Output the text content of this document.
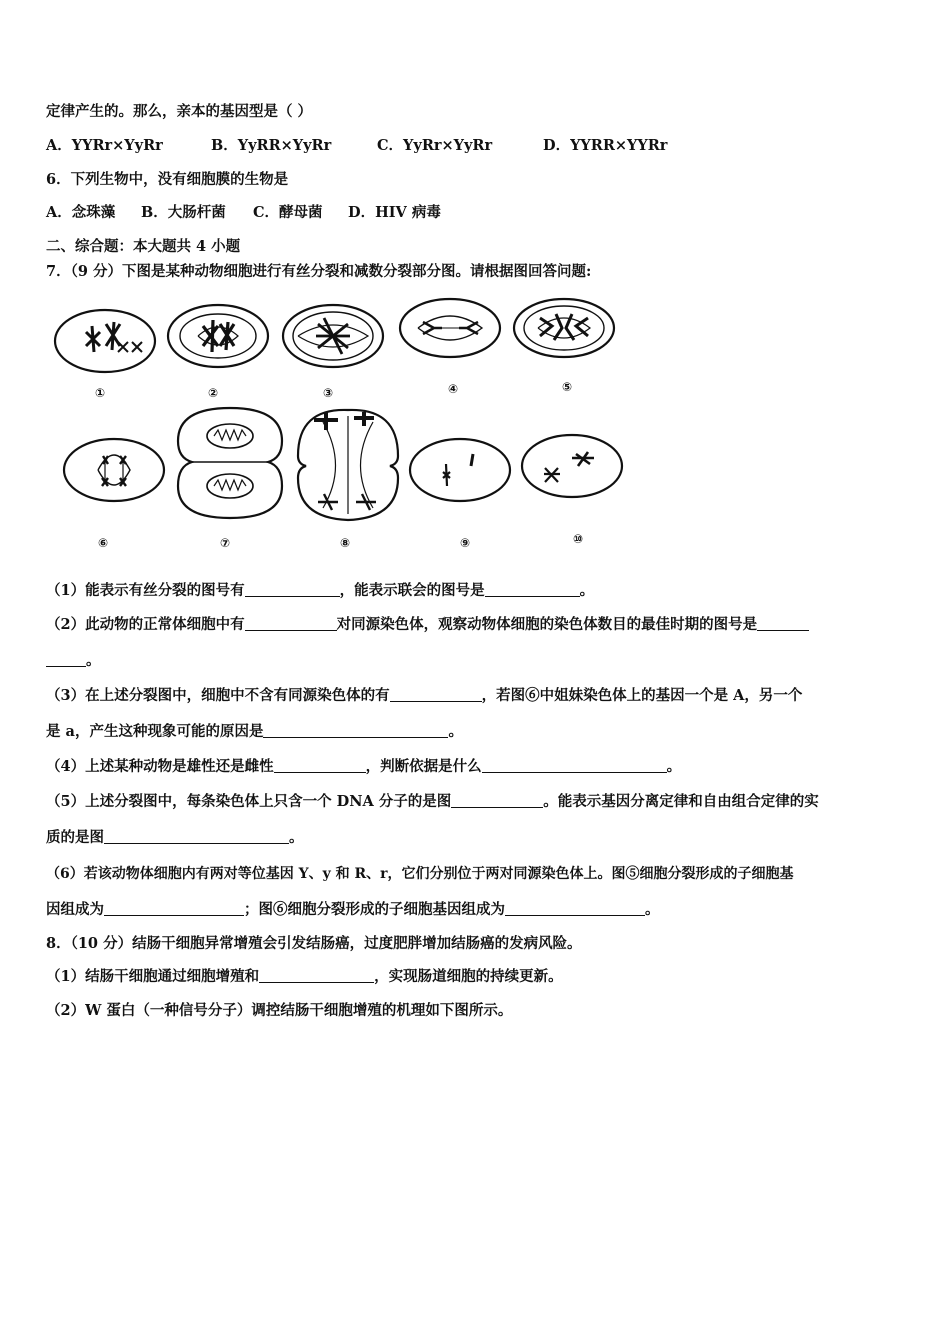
定律产生的。那么，亲本的基因型是（ ）
A．YYRr×YyRr	B．YyRR×YyRr	C．YyRr×YyRr	D．YYRR×YYRr
6．下列生物中，没有细胞膜的生物是
A．念珠藻 B．大肠杆菌 C．酵母菌 D．HIV 病毒
二、综合题：本大题共 4 小题
7．（9 分）下图是某种动物细胞进行有丝分裂和减数分裂部分图。请根据图回答问题:
①	②	③	④	⑤
⑥	⑦	⑧	⑨	⑩
（1）能表示有丝分裂的图号有	，能表示联会的图号是	。
（2）此动物的正常体细胞中有	对同源染色体，观察动物体细胞的染色体数目的最佳时期的图号是
。
（3）在上述分裂图中，细胞中不含有同源染色体的有	，若图⑥中姐妹染色体上的基因一个是 A，另一个
是 a，产生这种现象可能的原因是	。
（4）上述某种动物是雄性还是雌性	，判断依据是什么	。
（5）上述分裂图中，每条染色体上只含一个 DNA 分子的是图	。能表示基因分离定律和自由组合定律的实
质的是图	。
（6）若该动物体细胞内有两对等位基因 Y、y 和 R、r，它们分别位于两对同源染色体上。图⑤细胞分裂形成的子细胞基
因组成为	；图⑥细胞分裂形成的子细胞基因组成为	。
8．（10 分）结肠干细胞异常增殖会引发结肠癌，过度肥胖增加结肠癌的发病风险。
（1）结肠干细胞通过细胞增殖和	，实现肠道细胞的持续更新。
（2）W 蛋白（一种信号分子）调控结肠干细胞增殖的机理如下图所示。
